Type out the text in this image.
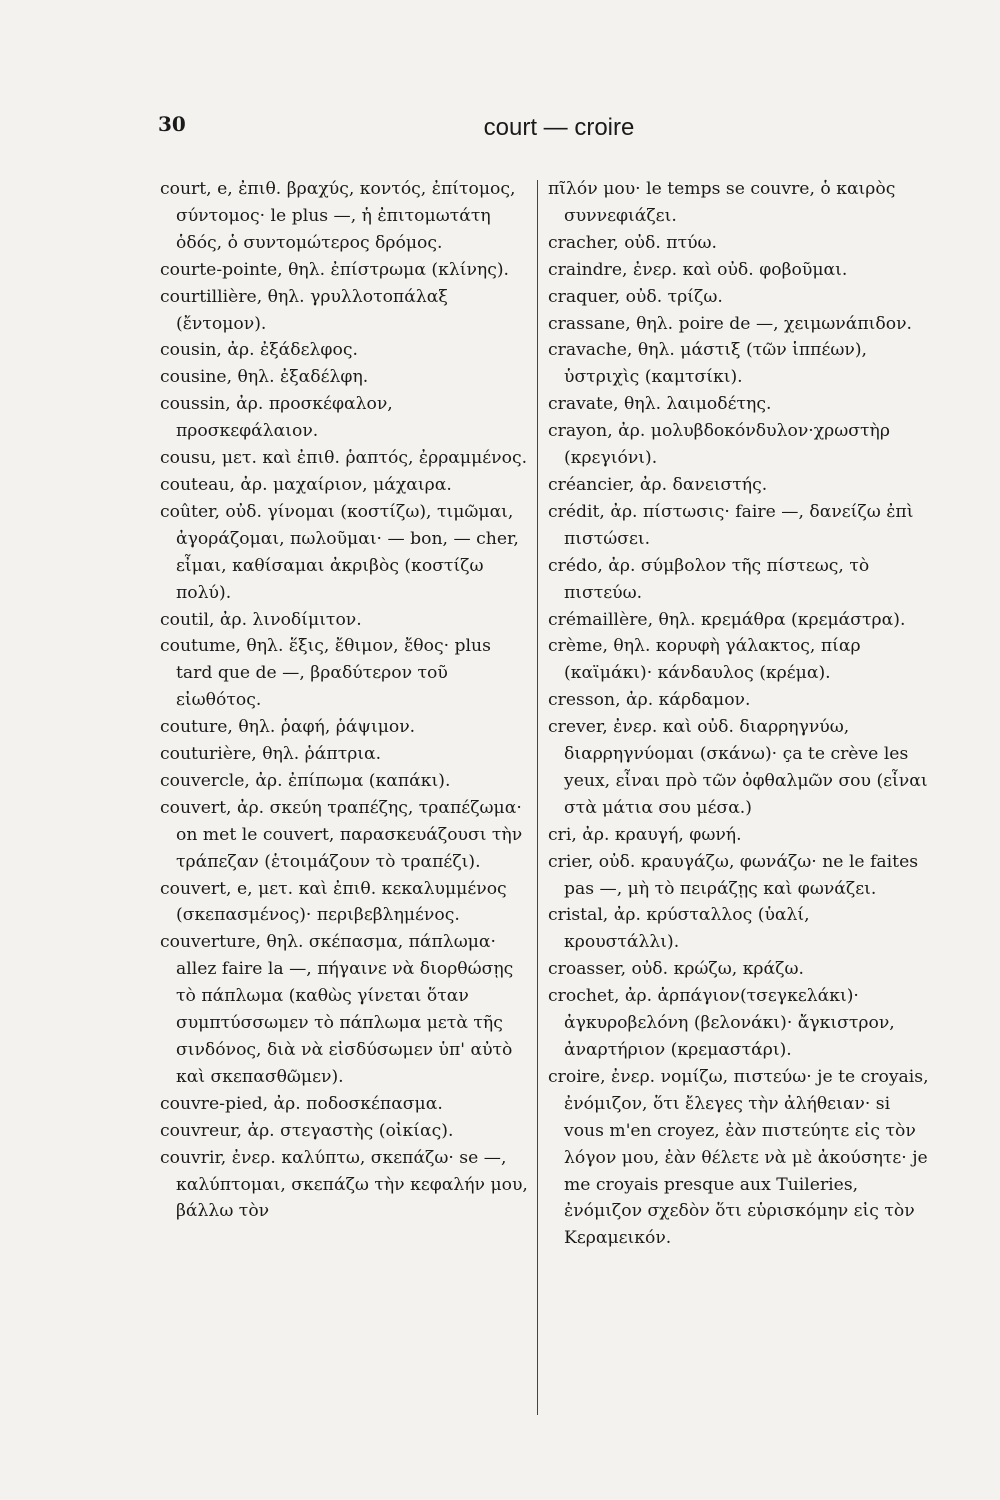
30	court — croire

court, e, ἐπιθ. βραχύς, κοντός, ἐπίτομος, σύντομος· le plus —, ἡ ἐπιτομωτάτη ὁδός, ὁ συντομώτερος δρόμος.

courte-pointe, θηλ. ἐπίστρωμα (κλίνης).

courtillière, θηλ. γρυλλοτοπάλαξ (ἔντομον).

cousin, ἀρ. ἐξάδελφος.

cousine, θηλ. ἐξαδέλφη.

coussin, ἀρ. προσκέφαλον, προσκεφάλαιον.

cousu, μετ. καὶ ἐπιθ. ῥαπτός, ἐρραμμένος.

couteau, ἀρ. μαχαίριον, μάχαιρα.

coûter, οὐδ. γίνομαι (κοστίζω), τιμῶμαι, ἀγοράζομαι, πωλοῦμαι· — bon, — cher, εἶμαι, καθίσαμαι ἀκριβὸς (κοστίζω πολύ).

coutil, ἀρ. λινοδίμιτον.

coutume, θηλ. ἕξις, ἔθιμον, ἔθος· plus tard que de —, βραδύτερον τοῦ εἰωθότος.

couture, θηλ. ῥαφή, ῥάψιμον.

couturière, θηλ. ῥάπτρια.

couvercle, ἀρ. ἐπίπωμα (καπάκι).

couvert, ἀρ. σκεύη τραπέζης, τραπέζωμα· on met le couvert, παρασκευάζουσι τὴν τράπεζαν (ἑτοιμάζουν τὸ τραπέζι).

couvert, e, μετ. καὶ ἐπιθ. κεκαλυμμένος (σκεπασμένος)· περιβεβλημένος.

couverture, θηλ. σκέπασμα, πάπλωμα· allez faire la —, πήγαινε νὰ διορθώσῃς τὸ πάπλωμα (καθὼς γίνεται ὅταν συμπτύσσωμεν τὸ πάπλωμα μετὰ τῆς σινδόνος, διὰ νὰ εἰσδύσωμεν ὑπ' αὐτὸ καὶ σκεπασθῶμεν).

couvre-pied, ἀρ. ποδοσκέπασμα.

couvreur, ἀρ. στεγαστὴς (οἰκίας).

couvrir, ἐνερ. καλύπτω, σκεπάζω· se —, καλύπτομαι, σκεπάζω τὴν κεφαλήν μου, βάλλω τὸν

πῖλόν μου· le temps se couvre, ὁ καιρὸς συννεφιάζει.

cracher, οὐδ. πτύω.

craindre, ἐνερ. καὶ οὐδ. φοβοῦμαι.

craquer, οὐδ. τρίζω.

crassane, θηλ. poire de —, χειμωνάπιδον.

cravache, θηλ. μάστιξ (τῶν ἱππέων), ὑστριχὶς (καμτσίκι).

cravate, θηλ. λαιμοδέτης.

crayon, ἀρ. μολυβδοκόνδυλον·χρωστὴρ (κρεγιόνι).

créancier, ἀρ. δανειστής.

crédit, ἀρ. πίστωσις· faire —, δανείζω ἐπὶ πιστώσει.

crédo, ἀρ. σύμβολον τῆς πίστεως, τὸ πιστεύω.

crémaillère, θηλ. κρεμάθρα (κρεμάστρα).

crème, θηλ. κορυφὴ γάλακτος, πίαρ (καϊμάκι)· κάνδαυλος (κρέμα).

cresson, ἀρ. κάρδαμον.

crever, ἐνερ. καὶ οὐδ. διαρρηγνύω, διαρρηγνύομαι (σκάνω)· ça te crève les yeux, εἶναι πρὸ τῶν ὀφθαλμῶν σου (εἶναι στὰ μάτια σου μέσα.)

cri, ἀρ. κραυγή, φωνή.

crier, οὐδ. κραυγάζω, φωνάζω· ne le faites pas —, μὴ τὸ πειράζῃς καὶ φωνάζει.

cristal, ἀρ. κρύσταλλος (ὑαλί, κρουστάλλι).

croasser, οὐδ. κρώζω, κράζω.

crochet, ἀρ. ἁρπάγιον(τσεγκελάκι)· ἀγκυροβελόνη (βελονάκι)· ἄγκιστρον, ἀναρτήριον (κρεμαστάρι).

croire, ἐνερ. νομίζω, πιστεύω· je te croyais, ἐνόμιζον, ὅτι ἔλεγες τὴν ἀλήθειαν· si vous m'en croyez, ἐὰν πιστεύητε εἰς τὸν λόγον μου, ἐὰν θέλετε νὰ μὲ ἀκούσητε· je me croyais presque aux Tuileries, ἐνόμιζον σχεδὸν ὅτι εὑρισκόμην εἰς τὸν Κεραμεικόν.
